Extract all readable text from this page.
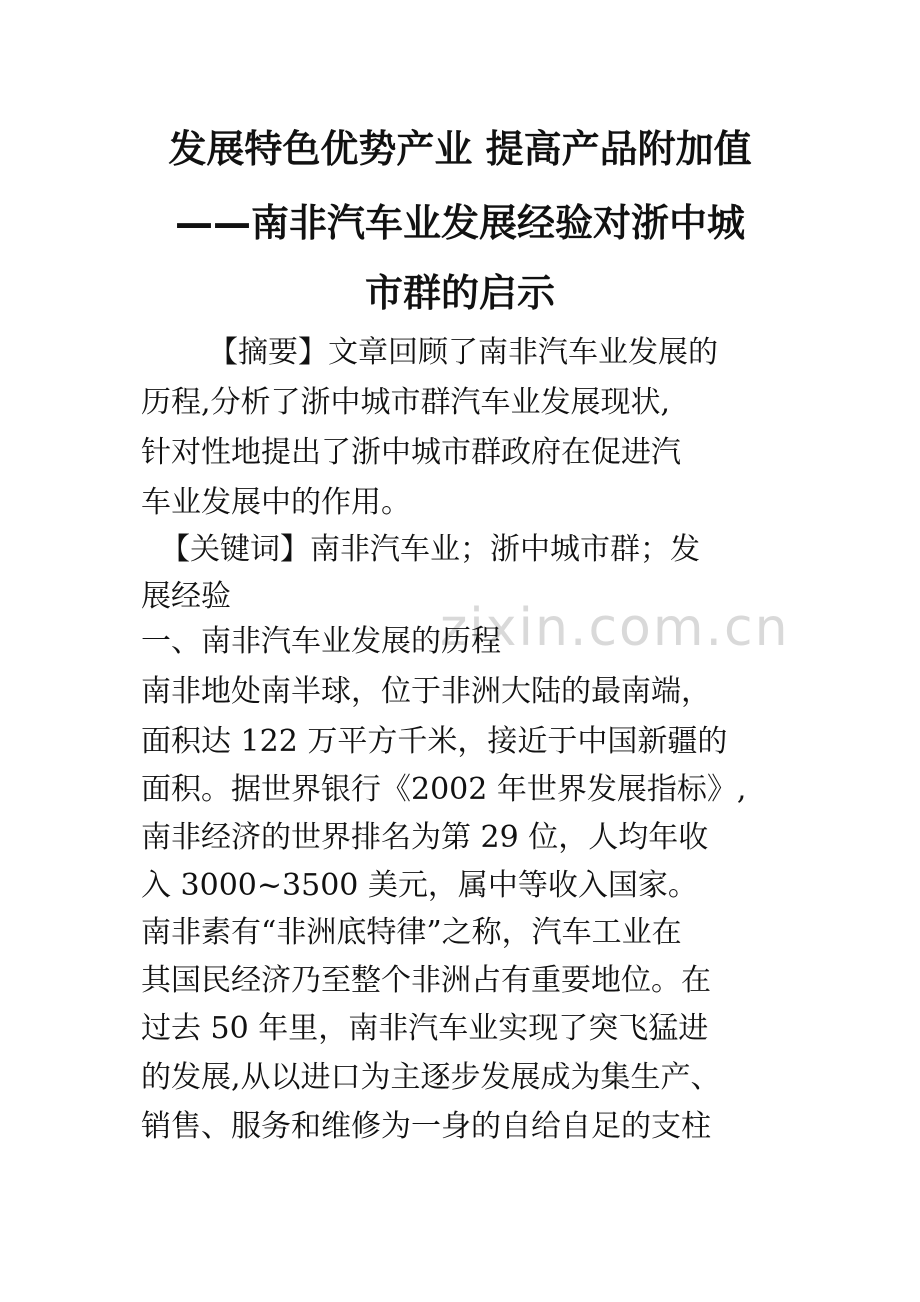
zixin.com.cn
发展特色优势产业 提高产品附加值
——南非汽车业发展经验对浙中城
市群的启示
【摘要】文章回顾了南非汽车业发展的
历程,分析了浙中城市群汽车业发展现状,
针对性地提出了浙中城市群政府在促进汽
车业发展中的作用。
【关键词】南非汽车业；浙中城市群；发
展经验
一、南非汽车业发展的历程
南非地处南半球，位于非洲大陆的最南端，
面积达 122 万平方千米，接近于中国新疆的
面积。据世界银行《2002 年世界发展指标》,
南非经济的世界排名为第 29 位，人均年收
入 3000~3500 美元，属中等收入国家。
南非素有“非洲底特律”之称，汽车工业在
其国民经济乃至整个非洲占有重要地位。在
过去 50 年里，南非汽车业实现了突飞猛进
的发展,从以进口为主逐步发展成为集生产、
销售、服务和维修为一身的自给自足的支柱
